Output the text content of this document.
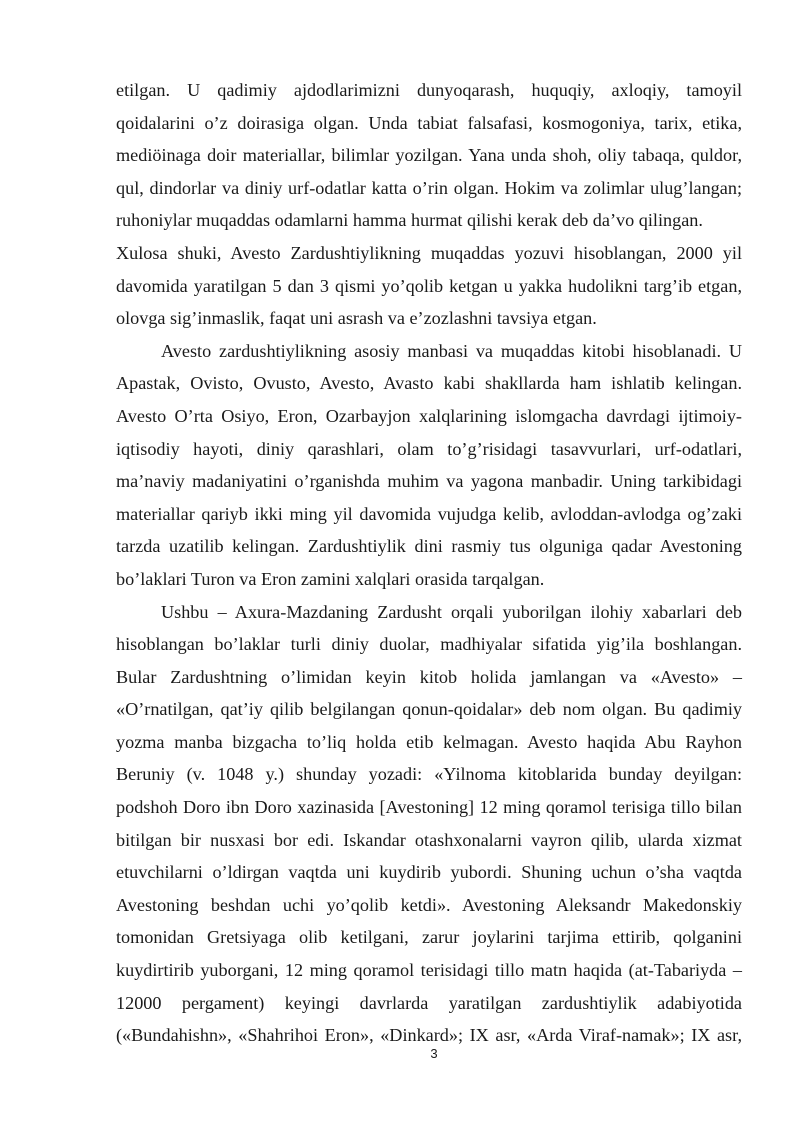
etilgan. U qadimiy ajdodlarimizni dunyoqarash, huquqiy, axloqiy, tamoyil

qoidalarini o’z doirasiga olgan. Unda tabiat falsafasi, kosmogoniya, tarix, etika,

mediöinaga doir materiallar, bilimlar yozilgan. Yana unda shoh, oliy tabaqa, quldor,

qul, dindorlar va diniy urf-odatlar katta o’rin olgan. Hokim va zolimlar ulug’langan;

ruhoniylar muqaddas odamlarni hamma hurmat qilishi kerak deb da’vo qilingan.

Xulosa shuki, Avesto Zardushtiylikning muqaddas yozuvi hisoblangan, 2000 yil

davomida yaratilgan 5 dan 3 qismi yo’qolib ketgan u yakka hudolikni targ’ib etgan,

olovga sig’inmaslik, faqat uni asrash va e’zozlashni tavsiya etgan.

Avesto zardushtiylikning asosiy manbasi va muqaddas kitobi hisoblanadi. U

Apastak, Ovisto, Ovusto, Avesto, Avasto kabi shakllarda ham ishlatib kelingan.

Avesto O’rta Osiyo, Eron, Ozarbayjon xalqlarining islomgacha davrdagi ijtimoiy-

iqtisodiy hayoti, diniy qarashlari, olam to’g’risidagi tasavvurlari, urf-odatlari,

ma’naviy madaniyatini o’rganishda muhim va yagona manbadir. Uning tarkibidagi

materiallar qariyb ikki ming yil davomida vujudga kelib, avloddan-avlodga og’zaki

tarzda uzatilib kelingan. Zardushtiylik dini rasmiy tus olguniga qadar Avestoning

bo’laklari Turon va Eron zamini xalqlari orasida tarqalgan.

Ushbu – Axura-Mazdaning Zardusht orqali yuborilgan ilohiy xabarlari deb

hisoblangan bo’laklar turli diniy duolar, madhiyalar sifatida yig’ila boshlangan.

Bular Zardushtning o’limidan keyin kitob holida jamlangan va «Avesto» –

«O’rnatilgan, qat’iy qilib belgilangan qonun-qoidalar» deb nom olgan. Bu qadimiy

yozma manba bizgacha to’liq holda etib kelmagan. Avesto haqida Abu Rayhon

Beruniy (v. 1048 y.) shunday yozadi: «Yilnoma kitoblarida bunday deyilgan:

podshoh Doro ibn Doro xazinasida [Avestoning] 12 ming qoramol terisiga tillo bilan

bitilgan bir nusxasi bor edi. Iskandar otashxonalarni vayron qilib, ularda xizmat

etuvchilarni o’ldirgan vaqtda uni kuydirib yubordi. Shuning uchun o’sha vaqtda

Avestoning beshdan uchi yo’qolib ketdi». Avestoning Aleksandr Makedonskiy

tomonidan Gretsiyaga olib ketilgani, zarur joylarini tarjima ettirib, qolganini

kuydirtirib yuborgani, 12 ming qoramol terisidagi tillo matn haqida (at-Tabariyda –

12000 pergament) keyingi davrlarda yaratilgan zardushtiylik adabiyotida

(«Bundahishn», «Shahrihoi Eron», «Dinkard»; IX asr, «Arda Viraf-namak»; IX asr,

3
